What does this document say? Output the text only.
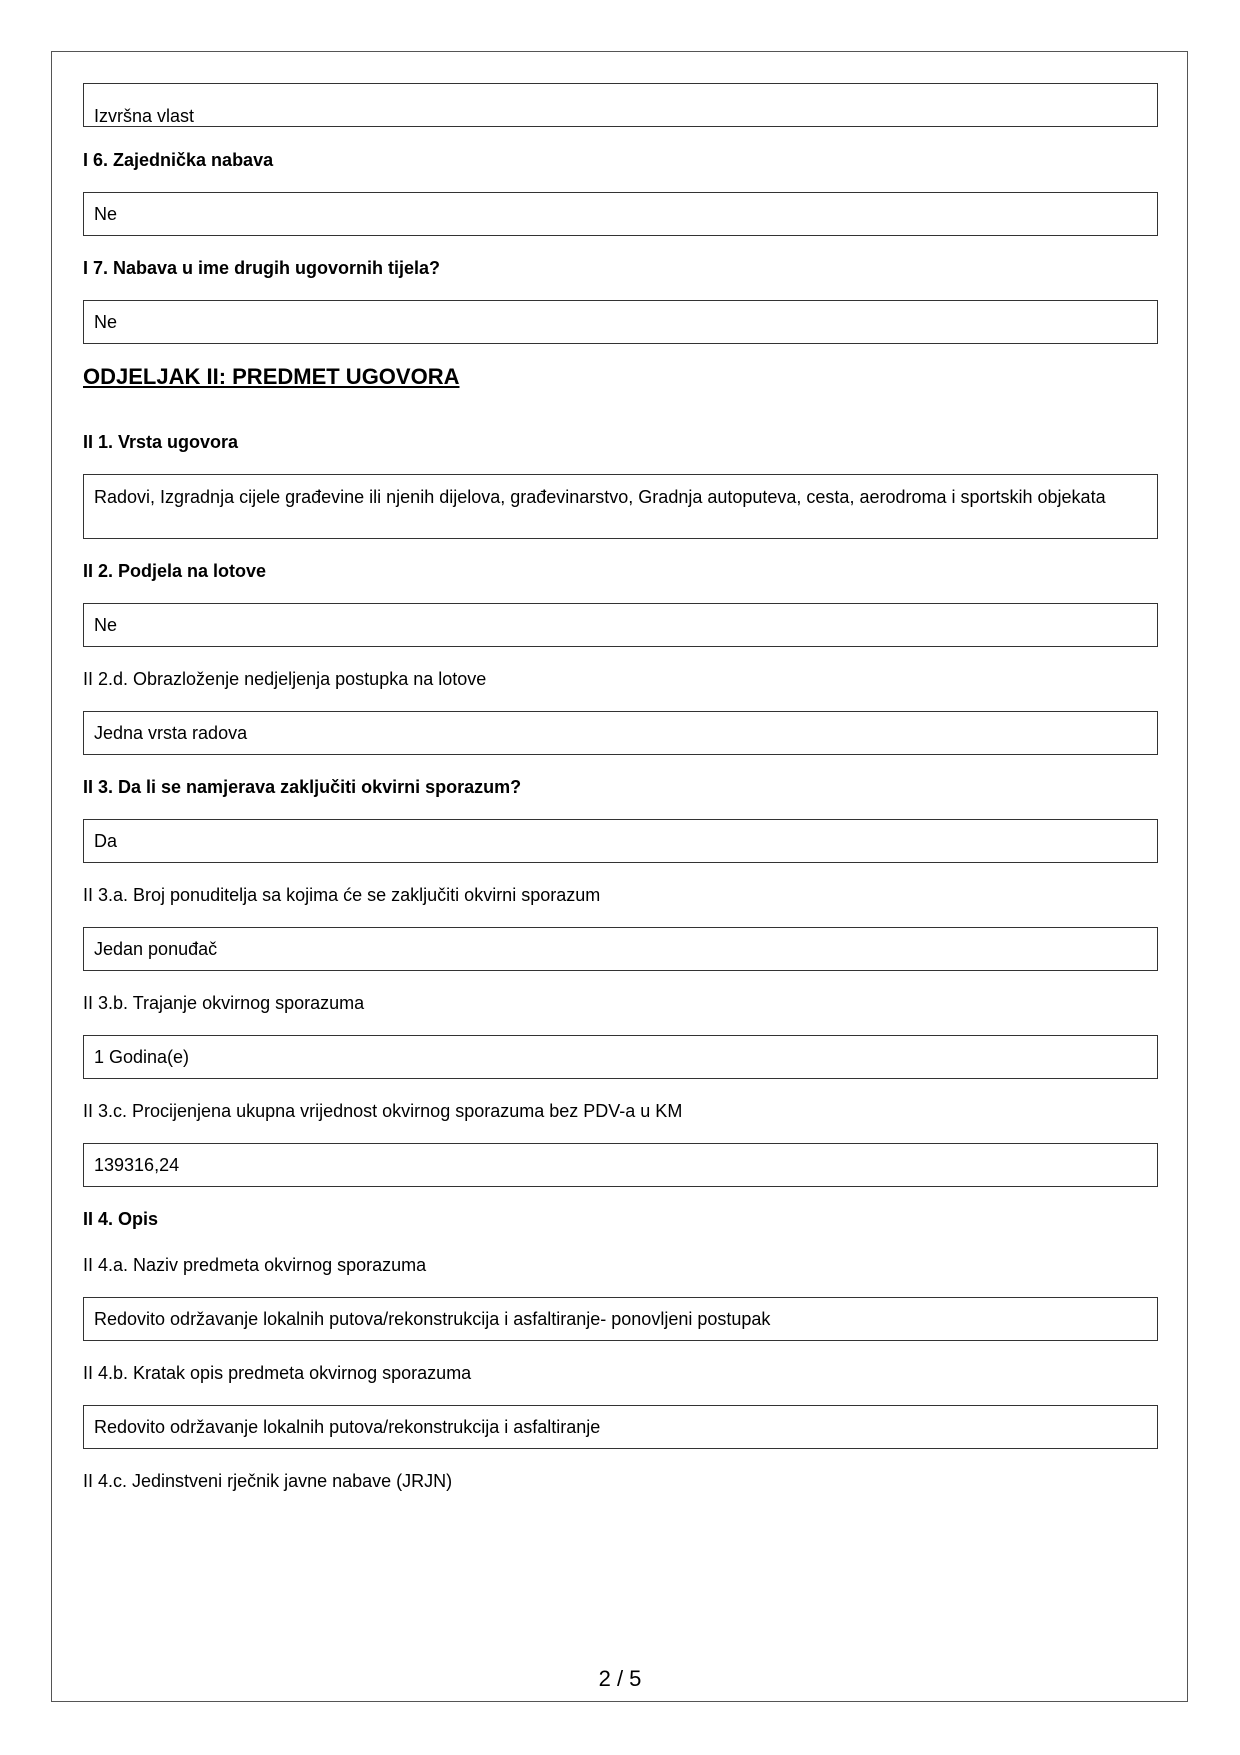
Izvršna vlast
I 6. Zajednička nabava
Ne
I 7. Nabava u ime drugih ugovornih tijela?
Ne
ODJELJAK II: PREDMET UGOVORA
II 1. Vrsta ugovora
Radovi, Izgradnja cijele građevine ili njenih dijelova, građevinarstvo, Gradnja autoputeva, cesta, aerodroma i sportskih objekata
II 2. Podjela na lotove
Ne
II 2.d. Obrazloženje nedjeljenja postupka na lotove
Jedna vrsta radova
II 3. Da li se namjerava zaključiti okvirni sporazum?
Da
II 3.a. Broj ponuditelja sa kojima će se zaključiti okvirni sporazum
Jedan ponuđač
II 3.b. Trajanje okvirnog sporazuma
1 Godina(e)
II 3.c. Procijenjena ukupna vrijednost okvirnog sporazuma bez PDV-a u KM
139316,24
II 4. Opis
II 4.a. Naziv predmeta okvirnog sporazuma
Redovito održavanje lokalnih putova/rekonstrukcija i asfaltiranje- ponovljeni postupak
II 4.b. Kratak opis predmeta okvirnog sporazuma
Redovito održavanje lokalnih putova/rekonstrukcija i asfaltiranje
II 4.c. Jedinstveni rječnik javne nabave (JRJN)
2 / 5
